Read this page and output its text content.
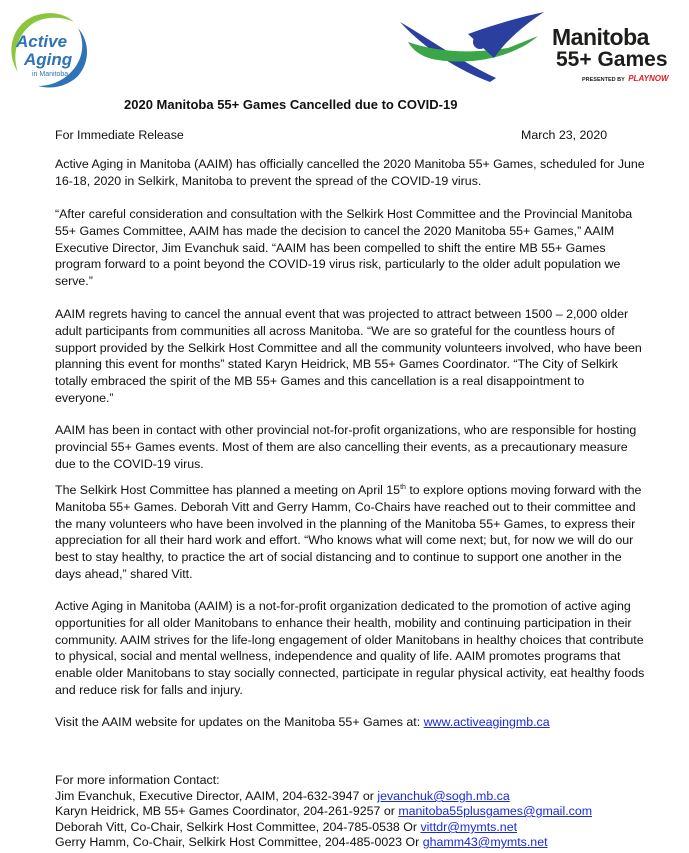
Active
Aging
in Manitoba
Manitoba
55+ Games
PRESENTED BY PLAYNOW
2020 Manitoba 55+ Games Cancelled due to COVID-19
For Immediate Release	March 23, 2020

Active Aging in Manitoba (AAIM) has officially cancelled the 2020 Manitoba 55+ Games, scheduled for June 16-18, 2020 in Selkirk, Manitoba to prevent the spread of the COVID-19 virus.

“After careful consideration and consultation with the Selkirk Host Committee and the Provincial Manitoba 55+ Games Committee, AAIM has made the decision to cancel the 2020 Manitoba 55+ Games,” AAIM Executive Director, Jim Evanchuk said. “AAIM has been compelled to shift the entire MB 55+ Games program forward to a point beyond the COVID-19 virus risk, particularly to the older adult population we serve.”

AAIM regrets having to cancel the annual event that was projected to attract between 1500 – 2,000 older adult participants from communities all across Manitoba. “We are so grateful for the countless hours of support provided by the Selkirk Host Committee and all the community volunteers involved, who have been planning this event for months” stated Karyn Heidrick, MB 55+ Games Coordinator. “The City of Selkirk totally embraced the spirit of the MB 55+ Games and this cancellation is a real disappointment to everyone.”

AAIM has been in contact with other provincial not-for-profit organizations, who are responsible for hosting provincial 55+ Games events. Most of them are also cancelling their events, as a precautionary measure due to the COVID-19 virus.

The Selkirk Host Committee has planned a meeting on April 15th to explore options moving forward with the Manitoba 55+ Games. Deborah Vitt and Gerry Hamm, Co-Chairs have reached out to their committee and the many volunteers who have been involved in the planning of the Manitoba 55+ Games, to express their appreciation for all their hard work and effort. “Who knows what will come next; but, for now we will do our best to stay healthy, to practice the art of social distancing and to continue to support one another in the days ahead,” shared Vitt.

Active Aging in Manitoba (AAIM) is a not-for-profit organization dedicated to the promotion of active aging opportunities for all older Manitobans to enhance their health, mobility and continuing participation in their community. AAIM strives for the life-long engagement of older Manitobans in healthy choices that contribute to physical, social and mental wellness, independence and quality of life. AAIM promotes programs that enable older Manitobans to stay socially connected, participate in regular physical activity, eat healthy foods and reduce risk for falls and injury.

Visit the AAIM website for updates on the Manitoba 55+ Games at: www.activeagingmb.ca

For more information Contact:
Jim Evanchuk, Executive Director, AAIM, 204-632-3947 or jevanchuk@sogh.mb.ca
Karyn Heidrick, MB 55+ Games Coordinator, 204-261-9257 or manitoba55plusgames@gmail.com
Deborah Vitt, Co-Chair, Selkirk Host Committee, 204-785-0538 Or vittdr@mymts.net
Gerry Hamm, Co-Chair, Selkirk Host Committee, 204-485-0023 Or ghamm43@mymts.net
